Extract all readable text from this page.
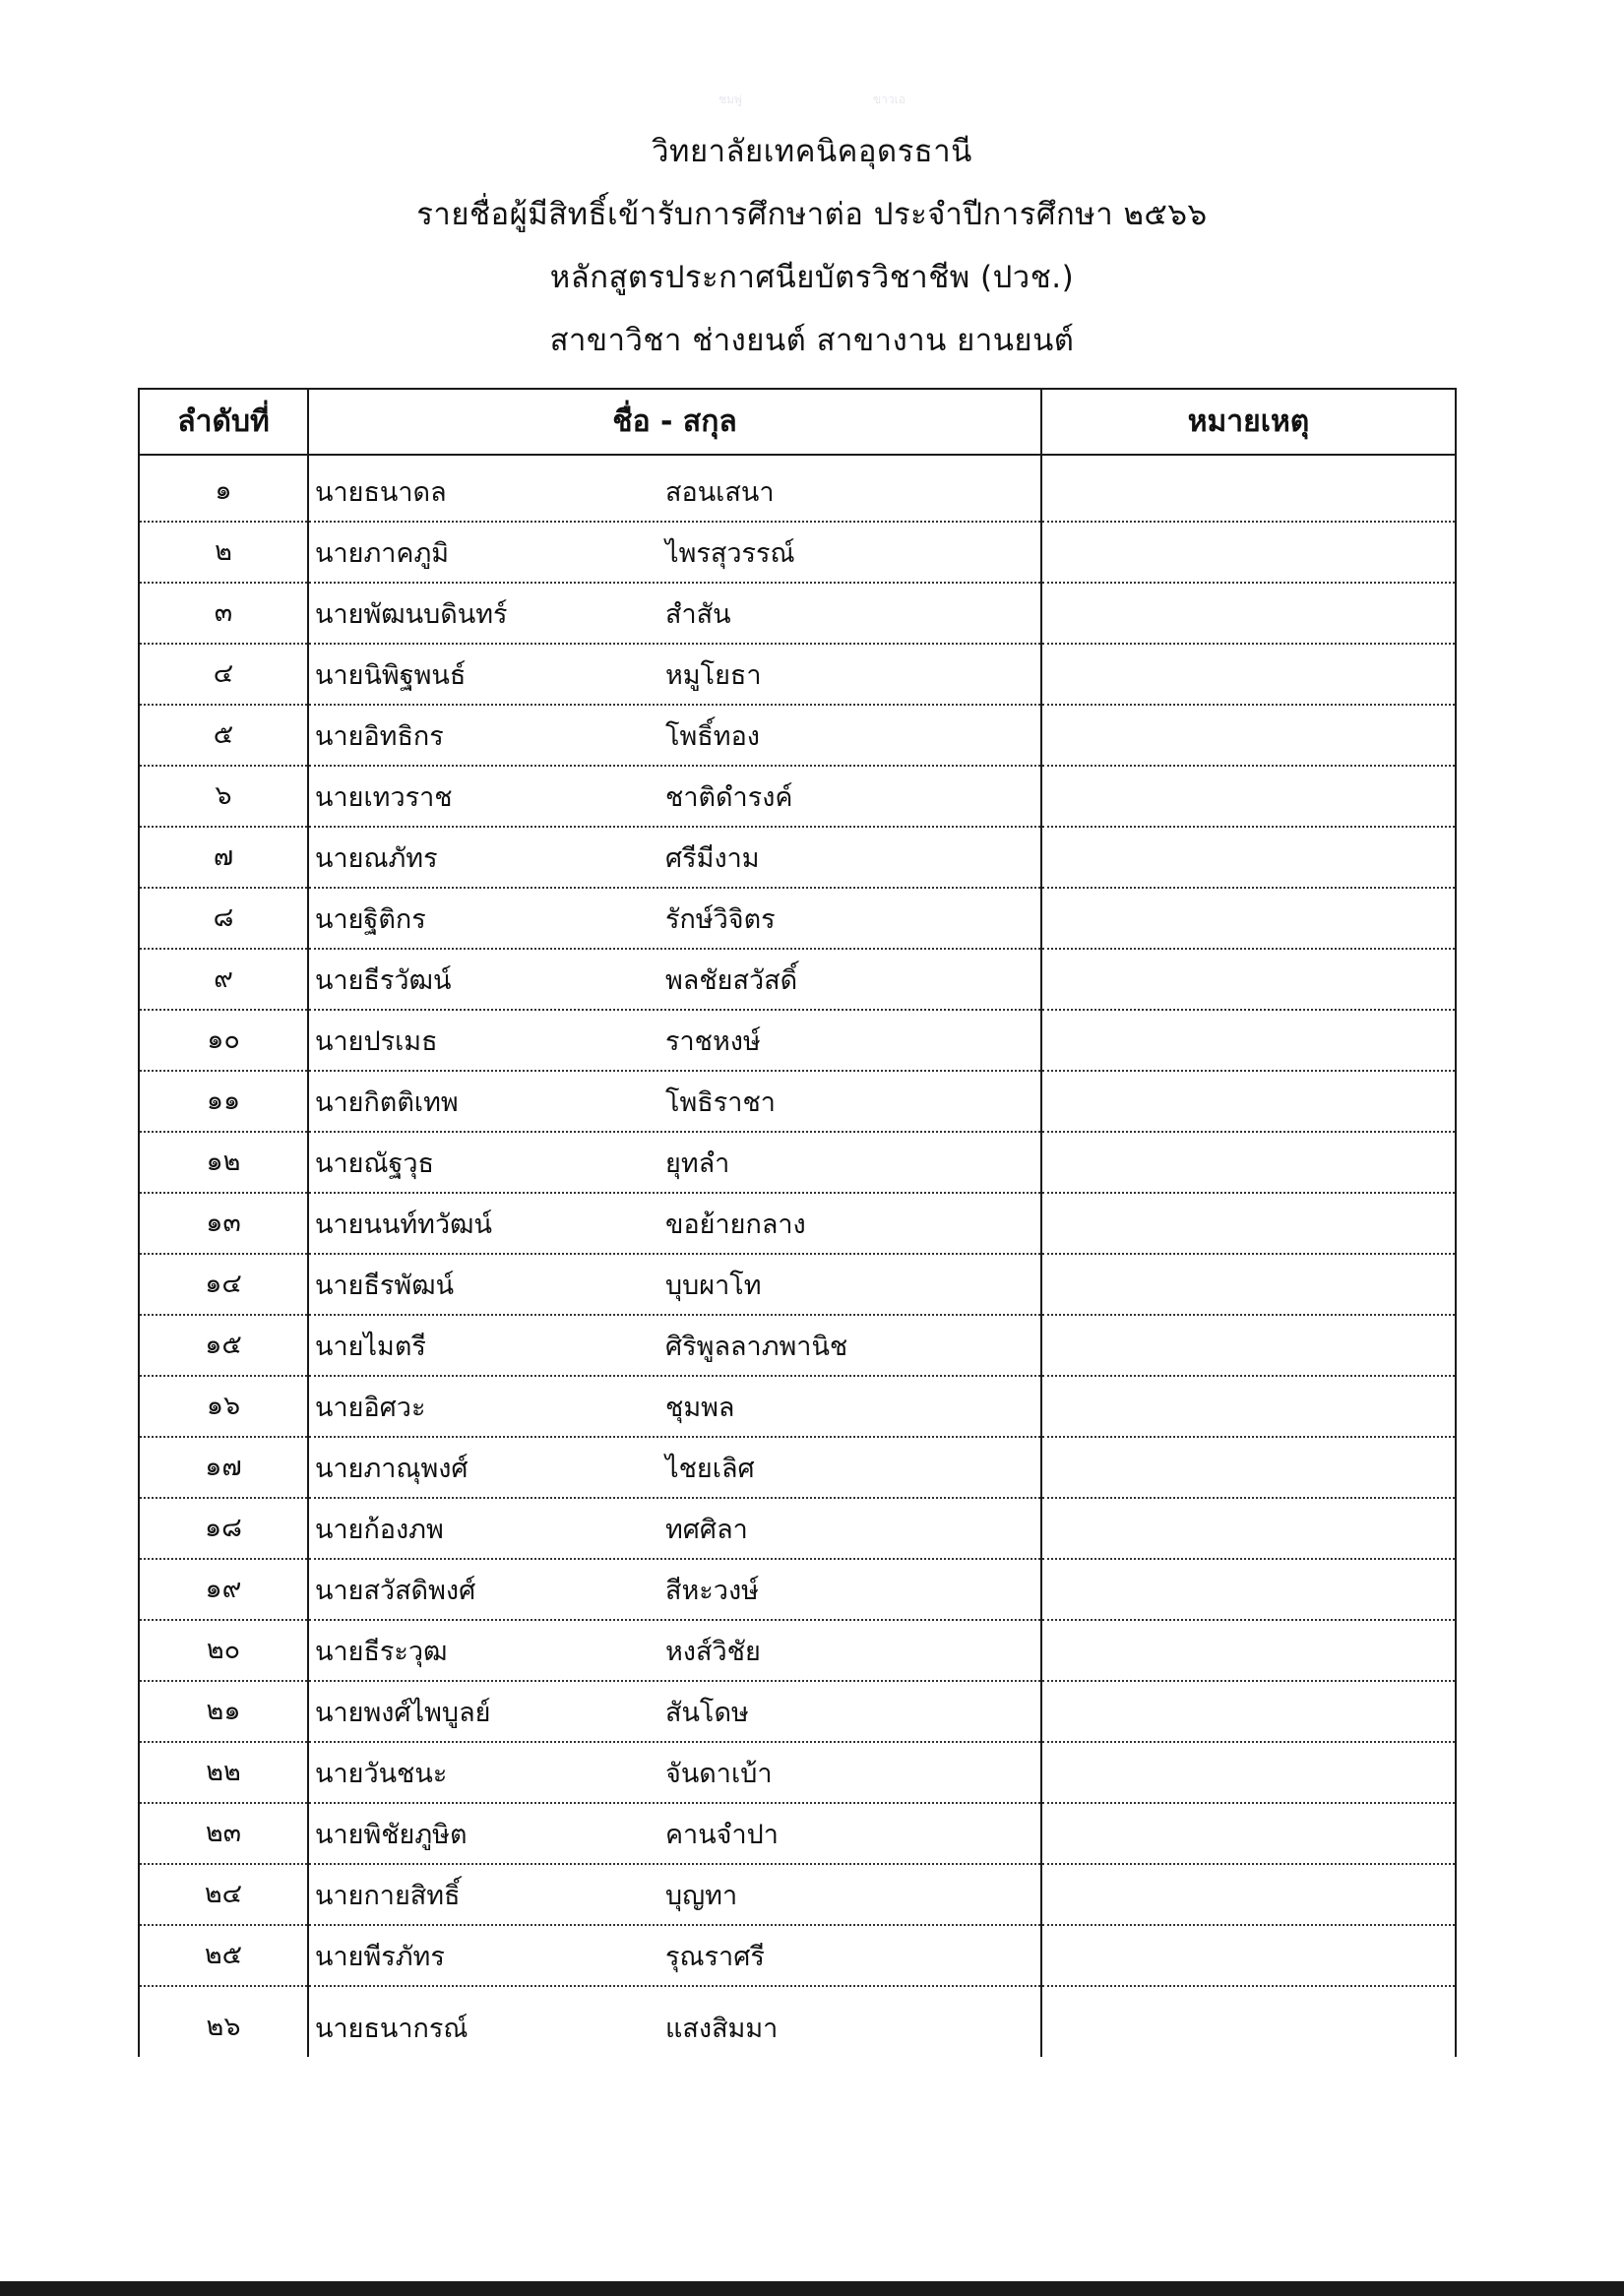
ชมพู่	ขาวเอ
วิทยาลัยเทคนิคอุดรธานี
รายชื่อผู้มีสิทธิ์เข้ารับการศึกษาต่อ ประจำปีการศึกษา ๒๕๖๖
หลักสูตรประกาศนียบัตรวิชาชีพ (ปวช.)
สาขาวิชา ช่างยนต์ สาขางาน ยานยนต์
ลำดับที่	ชื่อ - สกุล	หมายเหตุ
๑	นายธนาดล สอนเสนา	

๒	นายภาคภูมิ ไพรสุวรรณ์	

๓	นายพัฒนบดินทร์ สำสัน	

๔	นายนิพิฐพนธ์ หมูโยธา	

๕	นายอิทธิกร โพธิ์ทอง	

๖	นายเทวราช ชาติดำรงค์	

๗	นายณภัทร ศรีมีงาม	

๘	นายฐิติกร รักษ์วิจิตร	

๙	นายธีรวัฒน์ พลชัยสวัสดิ์	

๑๐	นายปรเมธ ราชหงษ์	

๑๑	นายกิตติเทพ โพธิราชา	

๑๒	นายณัฐวุธ ยุทลำ	

๑๓	นายนนท์ทวัฒน์ ขอย้ายกลาง	

๑๔	นายธีรพัฒน์ บุบผาโท	

๑๕	นายไมตรี ศิริพูลลาภพานิช	

๑๖	นายอิศวะ ชุมพล	

๑๗	นายภาณุพงศ์ ไชยเลิศ	

๑๘	นายก้องภพ ทศศิลา	

๑๙	นายสวัสดิพงศ์ สีหะวงษ์	

๒๐	นายธีระวุฒ หงส์วิชัย	

๒๑	นายพงศ์ไพบูลย์ สันโดษ	

๒๒	นายวันชนะ จันดาเบ้า	

๒๓	นายพิชัยภูษิต คานจำปา	

๒๔	นายกายสิทธิ์ บุญทา	

๒๕	นายพีรภัทร รุณราศรี	

๒๖	นายธนากรณ์ แสงสิมมา	
